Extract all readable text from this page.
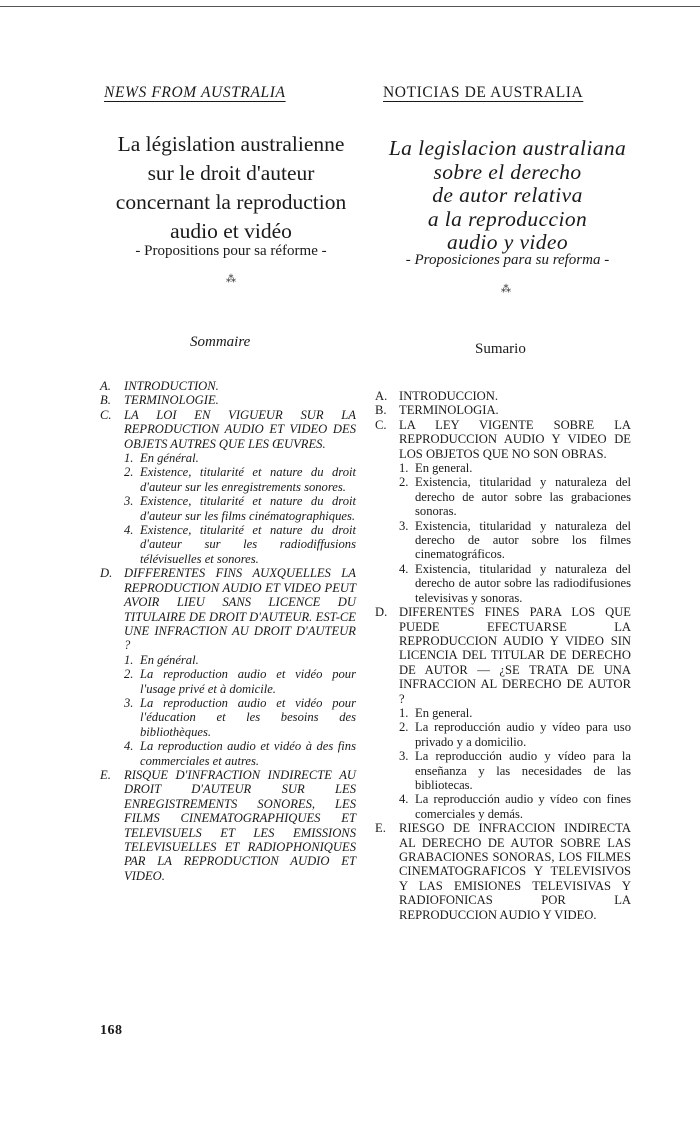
NEWS FROM AUSTRALIA
La législation australienne
sur le droit d'auteur
concernant la reproduction
audio et vidéo
- Propositions pour sa réforme -
⁂
Sommaire
A. INTRODUCTION.
B. TERMINOLOGIE.
C. LA LOI EN VIGUEUR SUR LA REPRODUCTION AUDIO ET VIDEO DES OBJETS AUTRES QUE LES ŒUVRES.
1. En général.
2. Existence, titularité et nature du droit d'auteur sur les enregistrements sonores.
3. Existence, titularité et nature du droit d'auteur sur les films cinématographiques.
4. Existence, titularité et nature du droit d'auteur sur les radiodiffusions télévisuelles et sonores.
D. DIFFERENTES FINS AUXQUELLES LA REPRODUCTION AUDIO ET VIDEO PEUT AVOIR LIEU SANS LICENCE DU TITULAIRE DE DROIT D'AUTEUR. EST-CE UNE INFRACTION AU DROIT D'AUTEUR ?
1. En général.
2. La reproduction audio et vidéo pour l'usage privé et à domicile.
3. La reproduction audio et vidéo pour l'éducation et les besoins des bibliothèques.
4. La reproduction audio et vidéo à des fins commerciales et autres.
E. RISQUE D'INFRACTION INDIRECTE AU DROIT D'AUTEUR SUR LES ENREGISTREMENTS SONORES, LES FILMS CINEMATOGRAPHIQUES ET TELEVISUELS ET LES EMISSIONS TELEVISUELLES ET RADIOPHONIQUES PAR LA REPRODUCTION AUDIO ET VIDEO.
NOTICIAS DE AUSTRALIA
La legislacion australiana
sobre el derecho
de autor relativa
a la reproduccion
audio y video
- Proposiciones para su reforma -
⁂
Sumario
A. INTRODUCCION.
B. TERMINOLOGIA.
C. LA LEY VIGENTE SOBRE LA REPRODUCCION AUDIO Y VIDEO DE LOS OBJETOS QUE NO SON OBRAS.
1. En general.
2. Existencia, titularidad y naturaleza del derecho de autor sobre las grabaciones sonoras.
3. Existencia, titularidad y naturaleza del derecho de autor sobre los filmes cinematográficos.
4. Existencia, titularidad y naturaleza del derecho de autor sobre las radiodifusiones televisivas y sonoras.
D. DIFERENTES FINES PARA LOS QUE PUEDE EFECTUARSE LA REPRODUCCION AUDIO Y VIDEO SIN LICENCIA DEL TITULAR DE DERECHO DE AUTOR — ¿SE TRATA DE UNA INFRACCION AL DERECHO DE AUTOR ?
1. En general.
2. La reproducción audio y vídeo para uso privado y a domicilio.
3. La reproducción audio y vídeo para la enseñanza y las necesidades de las bibliotecas.
4. La reproducción audio y vídeo con fines comerciales y demás.
E. RIESGO DE INFRACCION INDIRECTA AL DERECHO DE AUTOR SOBRE LAS GRABACIONES SONORAS, LOS FILMES CINEMATOGRAFICOS Y TELEVISIVOS Y LAS EMISIONES TELEVISIVAS Y RADIOFONICAS POR LA REPRODUCCION AUDIO Y VIDEO.
168
